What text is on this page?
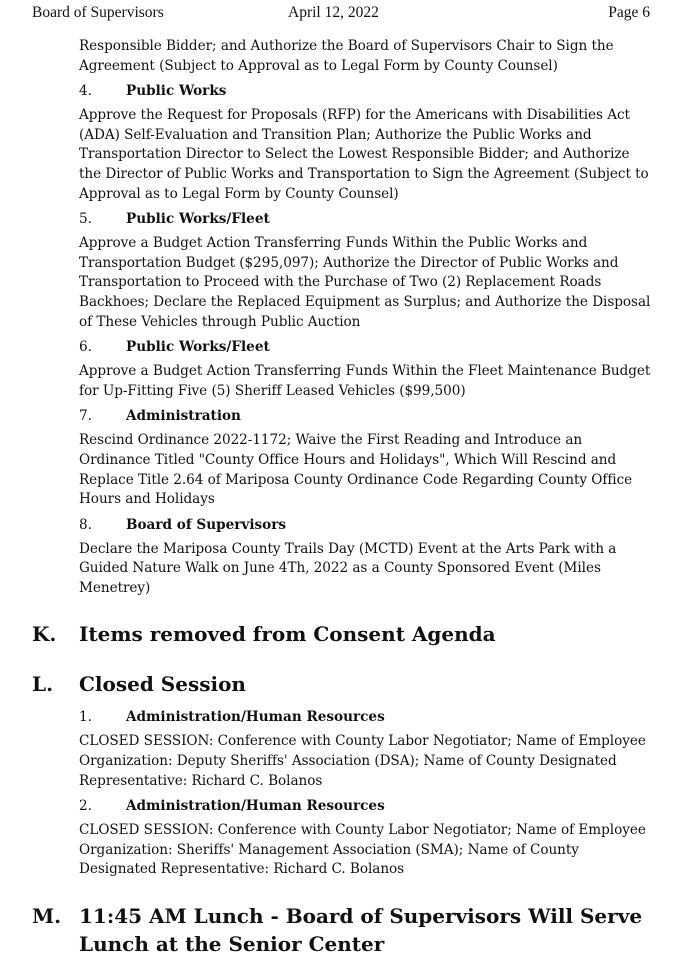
Board of Supervisors	April 12, 2022	Page 6

Responsible Bidder; and Authorize the Board of Supervisors Chair to Sign the Agreement (Subject to Approval as to Legal Form by County Counsel)

4.	Public Works

Approve the Request for Proposals (RFP) for the Americans with Disabilities Act (ADA) Self-Evaluation and Transition Plan; Authorize the Public Works and Transportation Director to Select the Lowest Responsible Bidder; and Authorize the Director of Public Works and Transportation to Sign the Agreement (Subject to Approval as to Legal Form by County Counsel)

5.	Public Works/Fleet

Approve a Budget Action Transferring Funds Within the Public Works and Transportation Budget ($295,097); Authorize the Director of Public Works and Transportation to Proceed with the Purchase of Two (2) Replacement Roads Backhoes; Declare the Replaced Equipment as Surplus; and Authorize the Disposal of These Vehicles through Public Auction

6.	Public Works/Fleet

Approve a Budget Action Transferring Funds Within the Fleet Maintenance Budget for Up-Fitting Five (5) Sheriff Leased Vehicles ($99,500)

7.	Administration

Rescind Ordinance 2022-1172; Waive the First Reading and Introduce an Ordinance Titled "County Office Hours and Holidays", Which Will Rescind and Replace Title 2.64 of Mariposa County Ordinance Code Regarding County Office Hours and Holidays

8.	Board of Supervisors

Declare the Mariposa County Trails Day (MCTD) Event at the Arts Park with a Guided Nature Walk on June 4Th, 2022 as a County Sponsored Event (Miles Menetrey)

K. Items removed from Consent Agenda
L. Closed Session
1.	Administration/Human Resources

CLOSED SESSION: Conference with County Labor Negotiator; Name of Employee Organization: Deputy Sheriffs' Association (DSA); Name of County Designated Representative: Richard C. Bolanos

2.	Administration/Human Resources

CLOSED SESSION: Conference with County Labor Negotiator; Name of Employee Organization: Sheriffs' Management Association (SMA); Name of County Designated Representative: Richard C. Bolanos

M. 11:45 AM Lunch - Board of Supervisors Will Serve Lunch at the Senior Center
